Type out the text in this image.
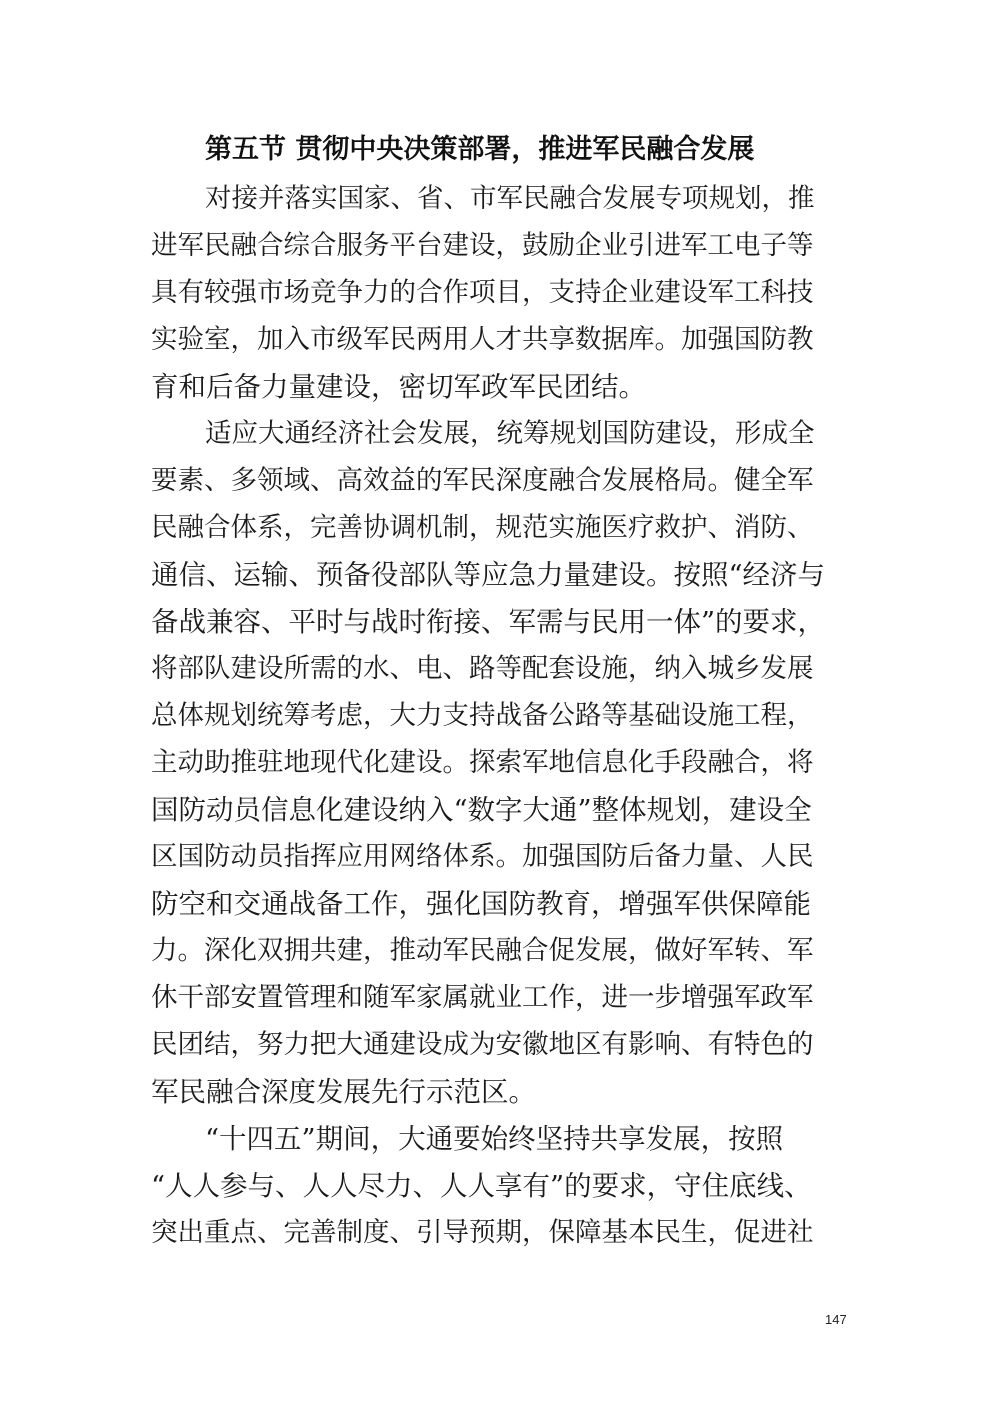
第五节 贯彻中央决策部署，推进军民融合发展
对接并落实国家、省、市军民融合发展专项规划，推
进军民融合综合服务平台建设，鼓励企业引进军工电子等
具有较强市场竞争力的合作项目，支持企业建设军工科技
实验室，加入市级军民两用人才共享数据库。加强国防教
育和后备力量建设，密切军政军民团结。
适应大通经济社会发展，统筹规划国防建设，形成全
要素、多领域、高效益的军民深度融合发展格局。健全军
民融合体系，完善协调机制，规范实施医疗救护、消防、
通信、运输、预备役部队等应急力量建设。按照“经济与
备战兼容、平时与战时衔接、军需与民用一体”的要求，
将部队建设所需的水、电、路等配套设施，纳入城乡发展
总体规划统筹考虑，大力支持战备公路等基础设施工程，
主动助推驻地现代化建设。探索军地信息化手段融合，将
国防动员信息化建设纳入“数字大通”整体规划，建设全
区国防动员指挥应用网络体系。加强国防后备力量、人民
防空和交通战备工作，强化国防教育，增强军供保障能
力。深化双拥共建，推动军民融合促发展，做好军转、军
休干部安置管理和随军家属就业工作，进一步增强军政军
民团结，努力把大通建设成为安徽地区有影响、有特色的
军民融合深度发展先行示范区。
“十四五”期间，大通要始终坚持共享发展，按照
“人人参与、人人尽力、人人享有”的要求，守住底线、
突出重点、完善制度、引导预期，保障基本民生，促进社
147
